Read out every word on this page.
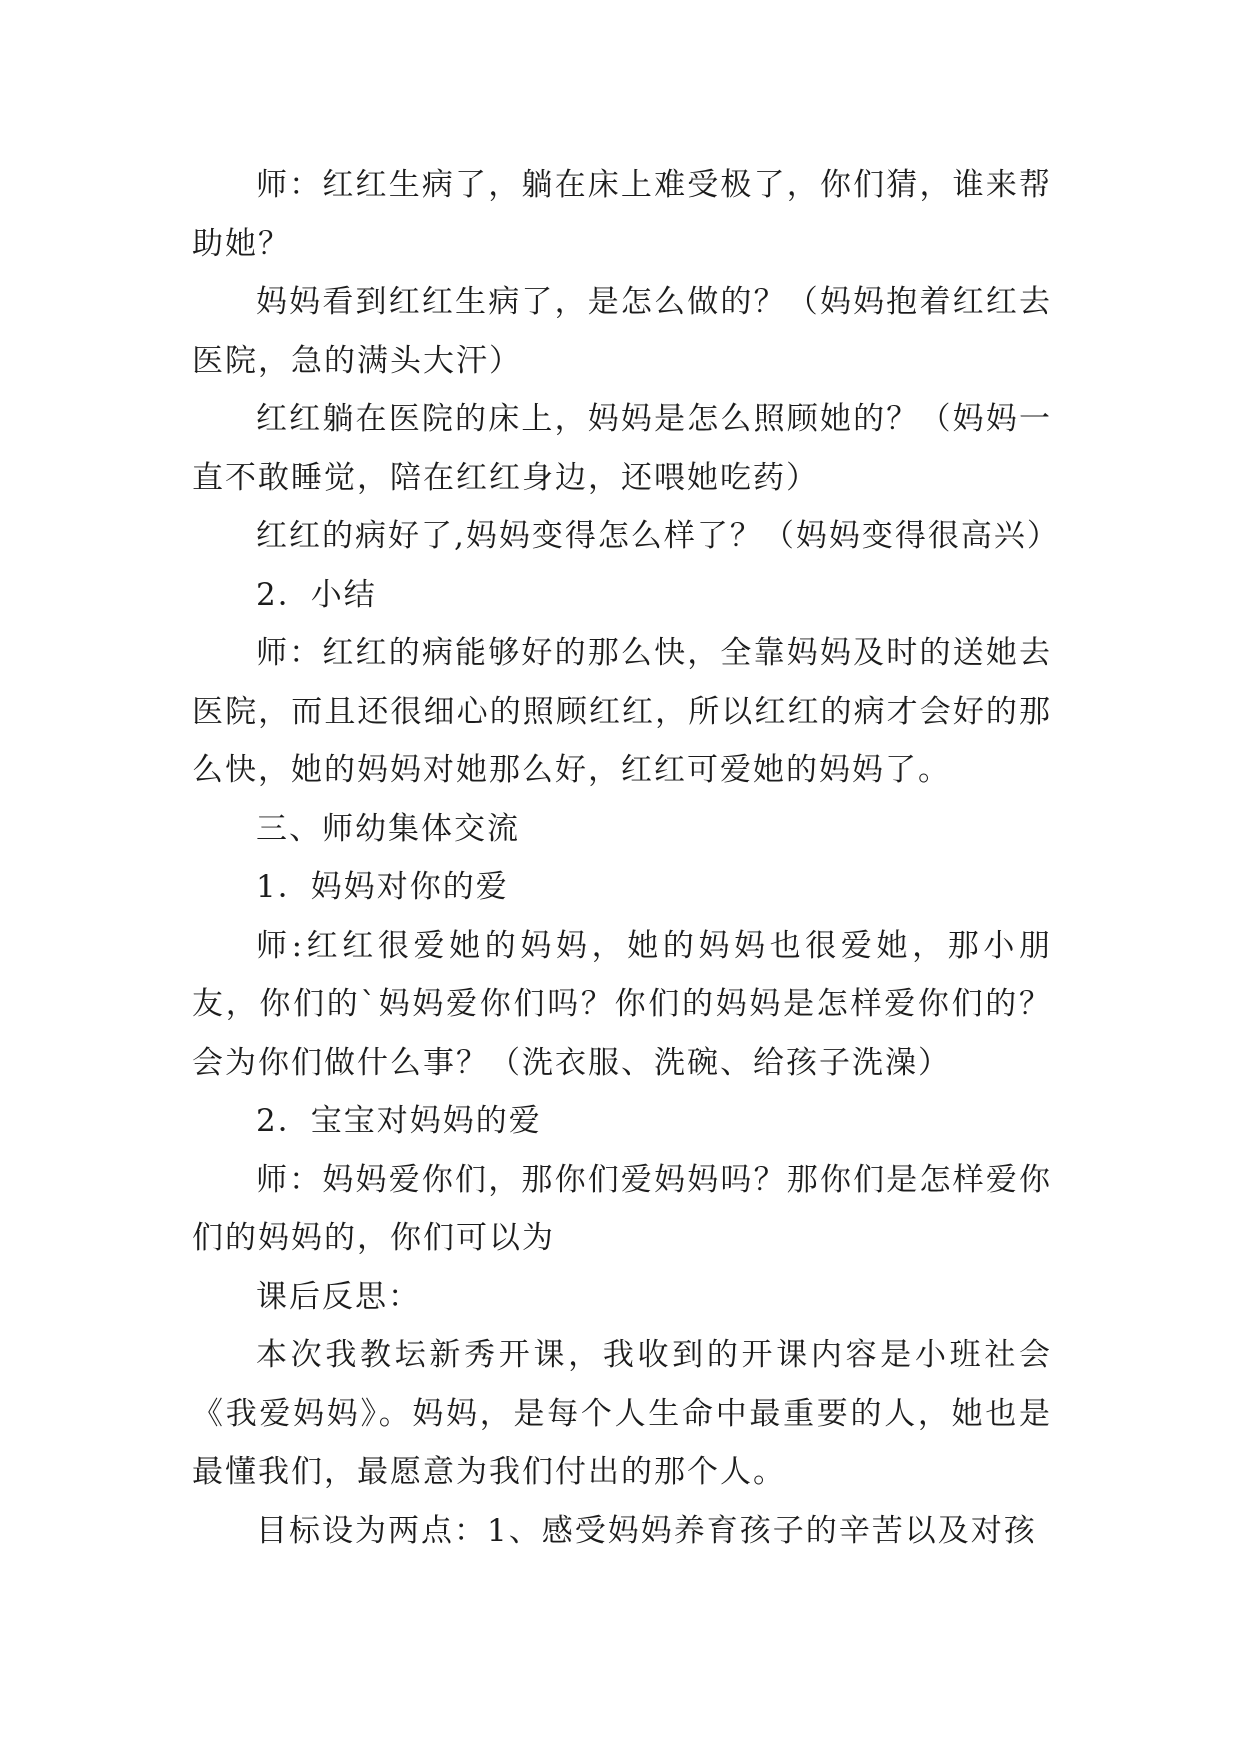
师：红红生病了，躺在床上难受极了，你们猜，谁来帮助她？

妈妈看到红红生病了，是怎么做的？（妈妈抱着红红去医院，急的满头大汗）

红红躺在医院的床上，妈妈是怎么照顾她的？（妈妈一直不敢睡觉，陪在红红身边，还喂她吃药）

红红的病好了,妈妈变得怎么样了？（妈妈变得很高兴）

2．小结

师：红红的病能够好的那么快，全靠妈妈及时的送她去医院，而且还很细心的照顾红红，所以红红的病才会好的那么快，她的妈妈对她那么好，红红可爱她的妈妈了。

三、师幼集体交流

1．妈妈对你的爱

师:红红很爱她的妈妈，她的妈妈也很爱她，那小朋友，你们的`妈妈爱你们吗？你们的妈妈是怎样爱你们的？会为你们做什么事？（洗衣服、洗碗、给孩子洗澡）

2．宝宝对妈妈的爱

师：妈妈爱你们，那你们爱妈妈吗？那你们是怎样爱你们的妈妈的，你们可以为

课后反思：

本次我教坛新秀开课，我收到的开课内容是小班社会《我爱妈妈》。妈妈，是每个人生命中最重要的人，她也是最懂我们，最愿意为我们付出的那个人。

目标设为两点：1、感受妈妈养育孩子的辛苦以及对孩
